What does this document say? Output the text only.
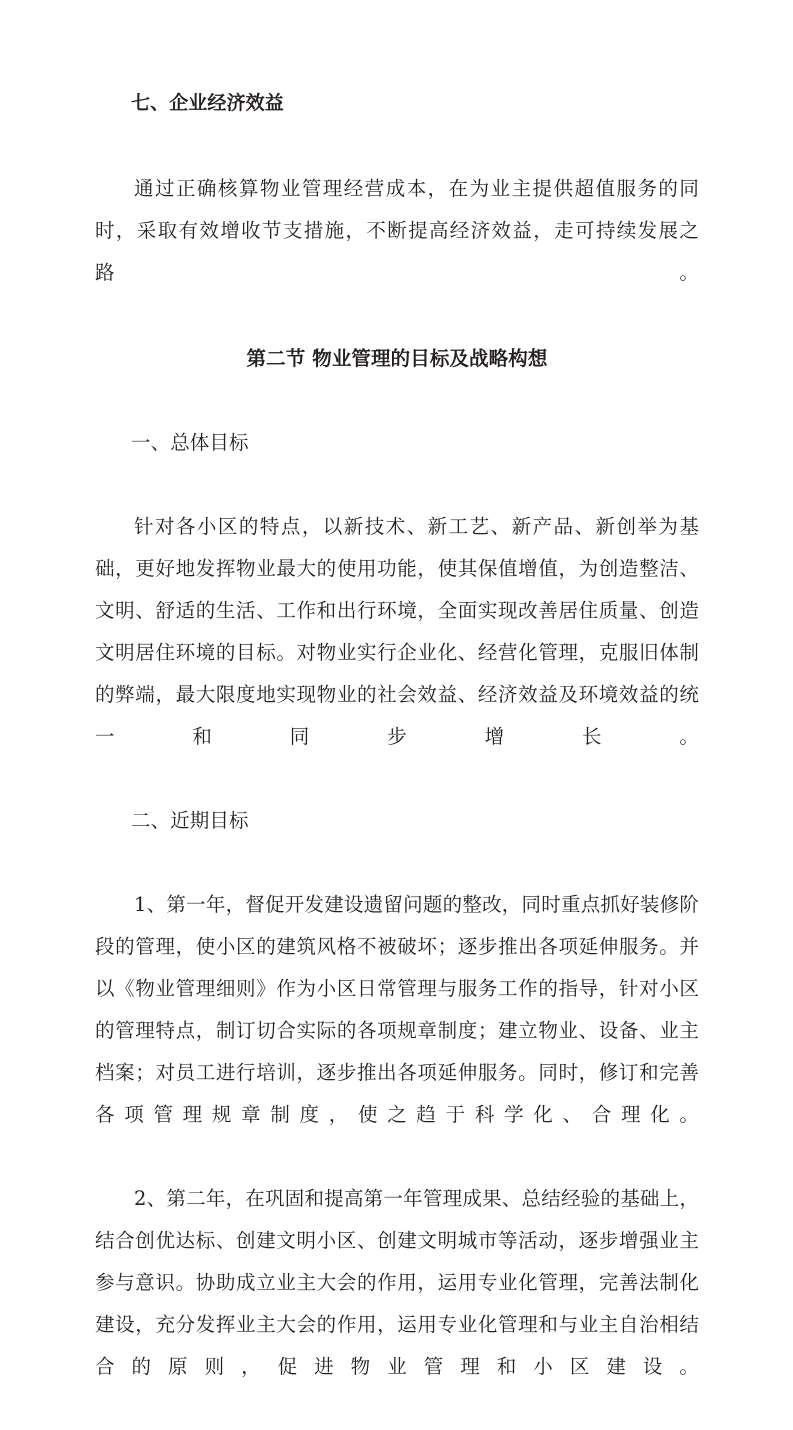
七、企业经济效益

通过正确核算物业管理经营成本，在为业主提供超值服务的同时，采取有效增收节支措施，不断提高经济效益，走可持续发展之路。

第二节 物业管理的目标及战略构想

一、总体目标

针对各小区的特点，以新技术、新工艺、新产品、新创举为基础，更好地发挥物业最大的使用功能，使其保值增值，为创造整洁、文明、舒适的生活、工作和出行环境，全面实现改善居住质量、创造文明居住环境的目标。对物业实行企业化、经营化管理，克服旧体制的弊端，最大限度地实现物业的社会效益、经济效益及环境效益的统一和同步增长。

二、近期目标

1、第一年，督促开发建设遗留问题的整改，同时重点抓好装修阶段的管理，使小区的建筑风格不被破坏；逐步推出各项延伸服务。并以《物业管理细则》作为小区日常管理与服务工作的指导，针对小区的管理特点，制订切合实际的各项规章制度；建立物业、设备、业主档案；对员工进行培训，逐步推出各项延伸服务。同时，修订和完善各项管理规章制度，使之趋于科学化、合理化。

2、第二年，在巩固和提高第一年管理成果、总结经验的基础上，结合创优达标、创建文明小区、创建文明城市等活动，逐步增强业主参与意识。协助成立业主大会的作用，运用专业化管理，完善法制化建设，充分发挥业主大会的作用，运用专业化管理和与业主自治相结合的原则，促进物业管理和小区建设。
